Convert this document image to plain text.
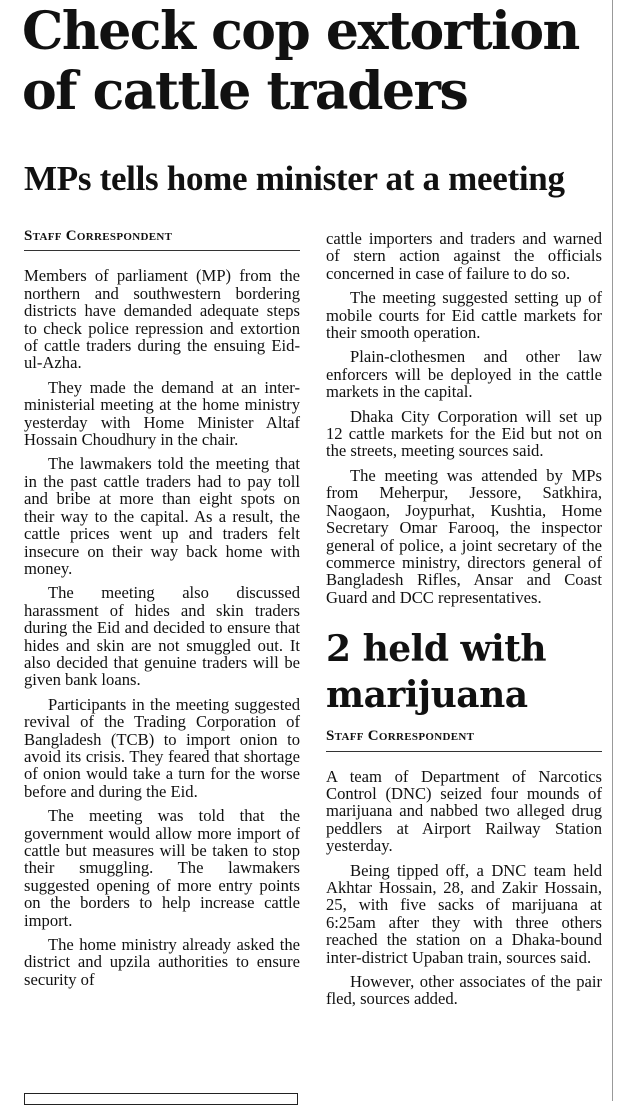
Check cop extortion of cattle traders
MPs tells home minister at a meeting
Staff Correspondent

Members of parliament (MP) from the northern and southwestern bordering districts have demanded adequate steps to check police repression and extortion of cattle traders during the ensuing Eid-ul-Azha.

They made the demand at an inter-ministerial meeting at the home ministry yesterday with Home Minister Altaf Hossain Choudhury in the chair.

The lawmakers told the meeting that in the past cattle traders had to pay toll and bribe at more than eight spots on their way to the capital. As a result, the cattle prices went up and traders felt insecure on their way back home with money.

The meeting also discussed harassment of hides and skin traders during the Eid and decided to ensure that hides and skin are not smuggled out. It also decided that genuine traders will be given bank loans.

Participants in the meeting suggested revival of the Trading Corporation of Bangladesh (TCB) to import onion to avoid its crisis. They feared that shortage of onion would take a turn for the worse before and during the Eid.

The meeting was told that the government would allow more import of cattle but measures will be taken to stop their smuggling. The lawmakers suggested opening of more entry points on the borders to help increase cattle import.

The home ministry already asked the district and upzila authorities to ensure security of

cattle importers and traders and warned of stern action against the officials concerned in case of failure to do so.

The meeting suggested setting up of mobile courts for Eid cattle markets for their smooth operation.

Plain-clothesmen and other law enforcers will be deployed in the cattle markets in the capital.

Dhaka City Corporation will set up 12 cattle markets for the Eid but not on the streets, meeting sources said.

The meeting was attended by MPs from Meherpur, Jessore, Satkhira, Naogaon, Joypurhat, Kushtia, Home Secretary Omar Farooq, the inspector general of police, a joint secretary of the commerce ministry, directors general of Bangladesh Rifles, Ansar and Coast Guard and DCC representatives.

2 held with marijuana
Staff Correspondent

A team of Department of Narcotics Control (DNC) seized four mounds of marijuana and nabbed two alleged drug peddlers at Airport Railway Station yesterday.

Being tipped off, a DNC team held Akhtar Hossain, 28, and Zakir Hossain, 25, with five sacks of marijuana at 6:25am after they with three others reached the station on a Dhaka-bound inter-district Upaban train, sources said.

However, other associates of the pair fled, sources added.
